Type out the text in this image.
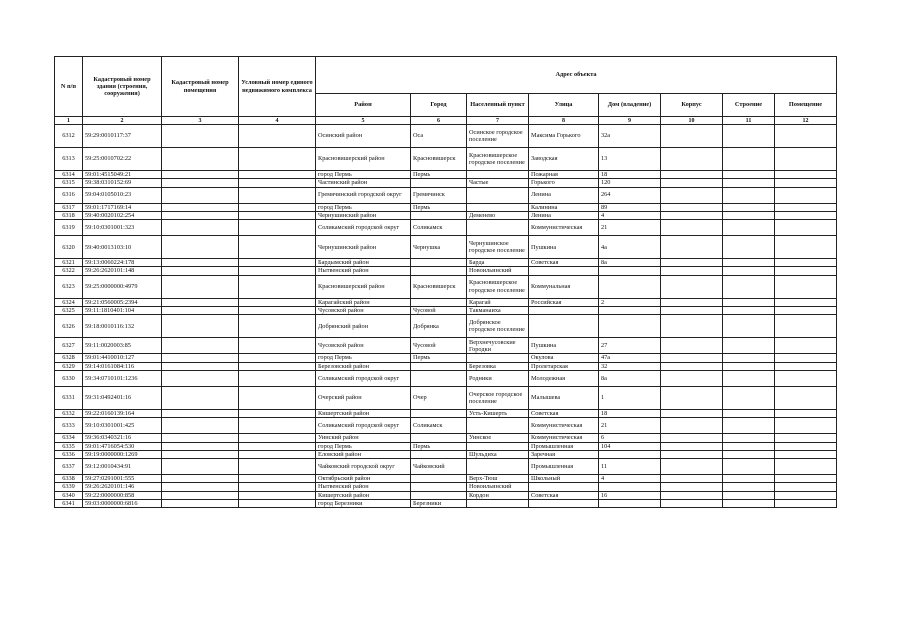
N п/п	Кадастровый номер здания (строения, сооружения)	Кадастровый номер помещения	Условный номер единого недвижимого комплекса	Адрес объекта							
				Район	Город	Населенный пункт	Улица	Дом (владение)	Корпус	Строение	Помещение
1	2	3	4	5	6	7	8	9	10	11	12
6312	59:29:0010117:37			Осинский район	Оса	Осинское городское поселение	Максима Горького	32а			
6313	59:25:0010702:22			Красновишерский район	Красновишерск	Красновишерское городское поселение	Заводская	13			
6314	59:01:4515049:21			город Пермь	Пермь		Пожарная	18			
6315	59:38:0310152:69			Частинский район		Частые	Горького	120			
6316	59:04:0105010:23			Гремячинский городской округ	Гремячинск		Ленина	264			
6317	59:01:1717169:14			город Пермь	Пермь		Калинина	89			
6318	59:40:0020102:254			Чернушинский район		Деменево	Ленина	4			
6319	59:10:0301001:323			Соликамский городской округ	Соликамск		Коммунистическая	21			
6320	59:40:0013103:10			Чернушинский район	Чернушка	Чернушинское городское поселение	Пушкина	4а			
6321	59:13:0060224:178			Бардымский район		Барда	Советская	8а			
6322	59:26:2620101:148			Нытвенский район		Новоильинский					
6323	59:25:0000000:4979			Красновишерский район	Красновишерск	Красновишерское городское поселение	Коммунальная				
6324	59:21:0560005:2394			Карагайский район		Карагай	Российская	2			
6325	59:11:1810401:104			Чусовской район	Чусовой	Такманаиха					
6326	59:18:0010116:132			Добрянский район	Добрянка	Добрянское городское поселение					
6327	59:11:0020003:85			Чусовской район	Чусовой	Верхнечусовские Городки	Пушкина	27			
6328	59:01:4410010:127			город Пермь	Пермь		Окулова	47а			
6329	59:14:0161084:116			Березовский район		Березовка	Пролетарская	32			
6330	59:34:0710101:1236			Соликамский городской округ		Родники	Молодежная	8а			
6331	59:31:0492401:16			Очерский район	Очер	Очерское городское поселение	Малышева	1			
6332	59:22:0160139:164			Кишертский район		Усть-Кишерть	Советская	18			
6333	59:10:0301001:425			Соликамский городской округ	Соликамск		Коммунистическая	21			
6334	59:36:0340321:16			Уинский район		Уинское	Коммунистическая	6			
6335	59:01:4716054:530			город Пермь	Пермь		Промышленная	104			
6336	59:19:0000000:1269			Еловский район		Шульдиха	Заречная				
6337	59:12:0010434:91			Чайковский городской округ	Чайковский		Промышленная	11			
6338	59:27:0291001:555			Октябрьский район		Верх-Тюш	Школьный	4			
6339	59:26:2620101:146			Нытвенский район		Новоильинский					
6340	59:22:0000000:858			Кишертский район		Кордон	Советская	16			
6341	59:03:0000000:6816			город Березники	Березники						
